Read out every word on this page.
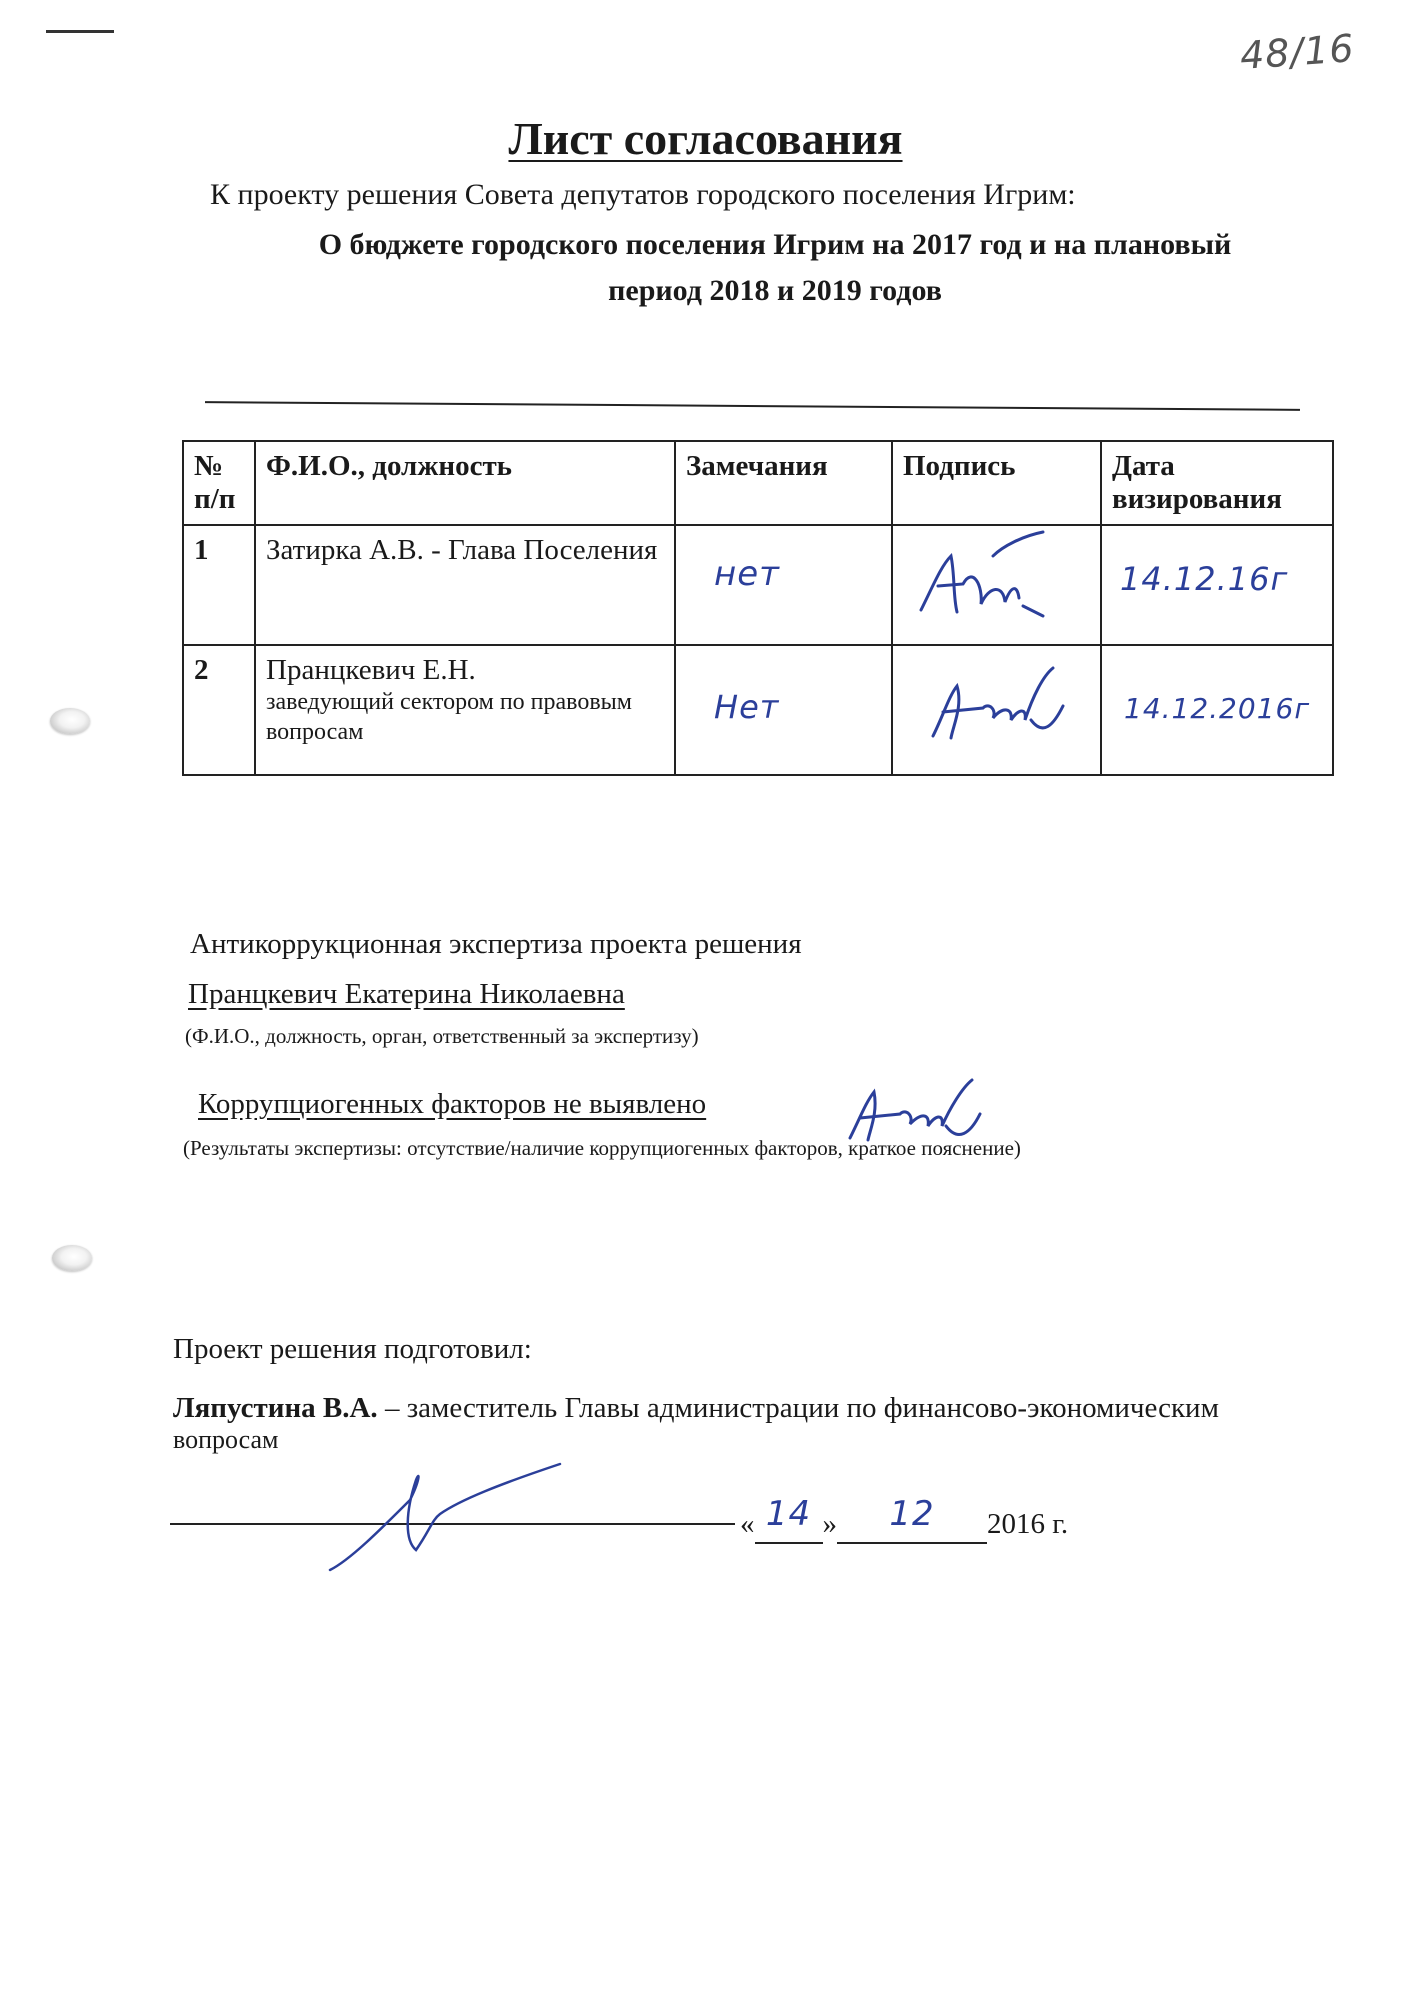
48/16
Лист согласования
К проекту решения Совета депутатов городского поселения Игрим:
О бюджете городского поселения Игрим на 2017 год и на плановый
период 2018 и 2019 годов
№ п/п	Ф.И.О., должность	Замечания	Подпись	Дата визирования

1	Затирка А.В. - Глава Поселения	нет		14.12.16г

2	Пранцкевич Е.Н.
заведующий сектором по правовым вопросам	Нет		14.12.2016г
Антикоррукционная экспертиза проекта решения
Пранцкевич Екатерина Николаевна
(Ф.И.О., должность, орган, ответственный за экспертизу)
Коррупциогенных факторов не выявлено
(Результаты экспертизы: отсутствие/наличие коррупциогенных факторов, краткое пояснение)
Проект решения подготовил:
Ляпустина В.А. – заместитель Главы администрации по финансово-экономическим
вопросам
« 14 » 12 2016 г.
